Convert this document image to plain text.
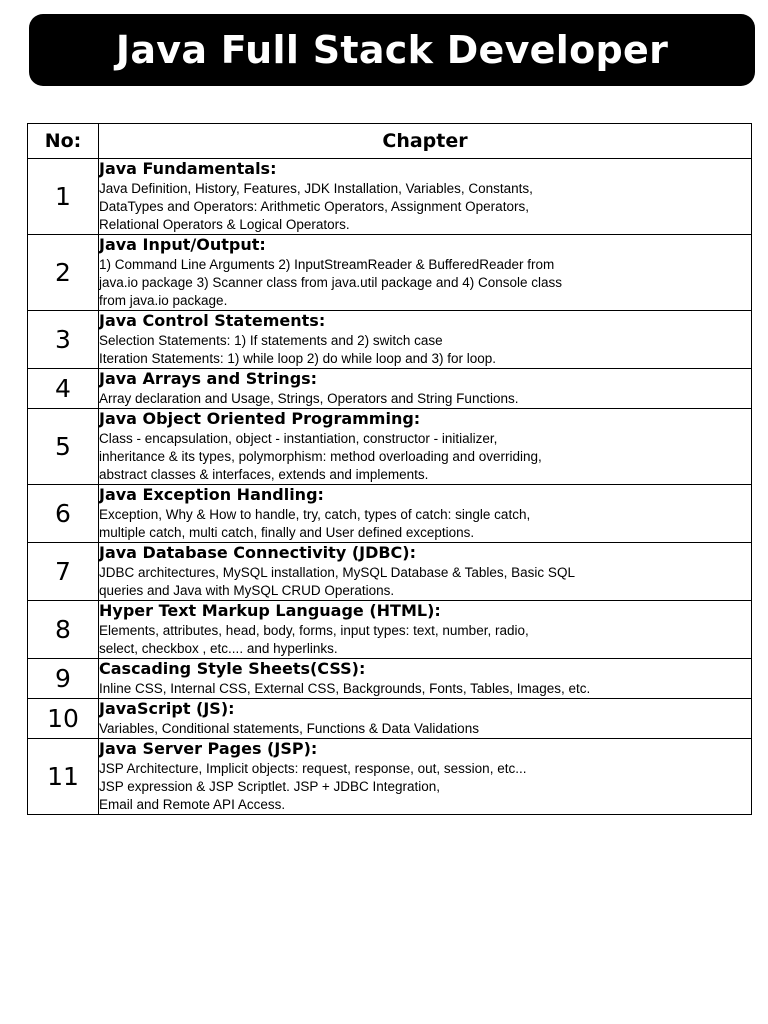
Java Full Stack Developer
No:	Chapter
1	Java Fundamentals:
Java Definition, History, Features, JDK Installation, Variables, Constants,
DataTypes and Operators: Arithmetic Operators, Assignment Operators,
Relational Operators & Logical Operators.

2	Java Input/Output:
1) Command Line Arguments 2) InputStreamReader & BufferedReader from
java.io package 3) Scanner class from java.util package and 4) Console class
from java.io package.

3	Java Control Statements:
Selection Statements: 1) If statements and 2) switch case
Iteration Statements: 1) while loop 2) do while loop and 3) for loop.

4	Java Arrays and Strings:
Array declaration and Usage, Strings, Operators and String Functions.

5	Java Object Oriented Programming:
Class - encapsulation, object - instantiation, constructor - initializer,
inheritance & its types, polymorphism: method overloading and overriding,
abstract classes & interfaces, extends and implements.

6	Java Exception Handling:
Exception, Why & How to handle, try, catch, types of catch: single catch,
multiple catch, multi catch, finally and User defined exceptions.

7	Java Database Connectivity (JDBC):
JDBC architectures, MySQL installation, MySQL Database & Tables, Basic SQL
queries and Java with MySQL CRUD Operations.

8	Hyper Text Markup Language (HTML):
Elements, attributes, head, body, forms, input types: text, number, radio,
select, checkbox , etc.... and hyperlinks.

9	Cascading Style Sheets(CSS):
Inline CSS, Internal CSS, External CSS, Backgrounds, Fonts, Tables, Images, etc.

10	JavaScript (JS):
Variables, Conditional statements, Functions & Data Validations

11	Java Server Pages (JSP):
JSP Architecture, Implicit objects: request, response, out, session, etc...
JSP expression & JSP Scriptlet. JSP + JDBC Integration,
Email and Remote API Access.
